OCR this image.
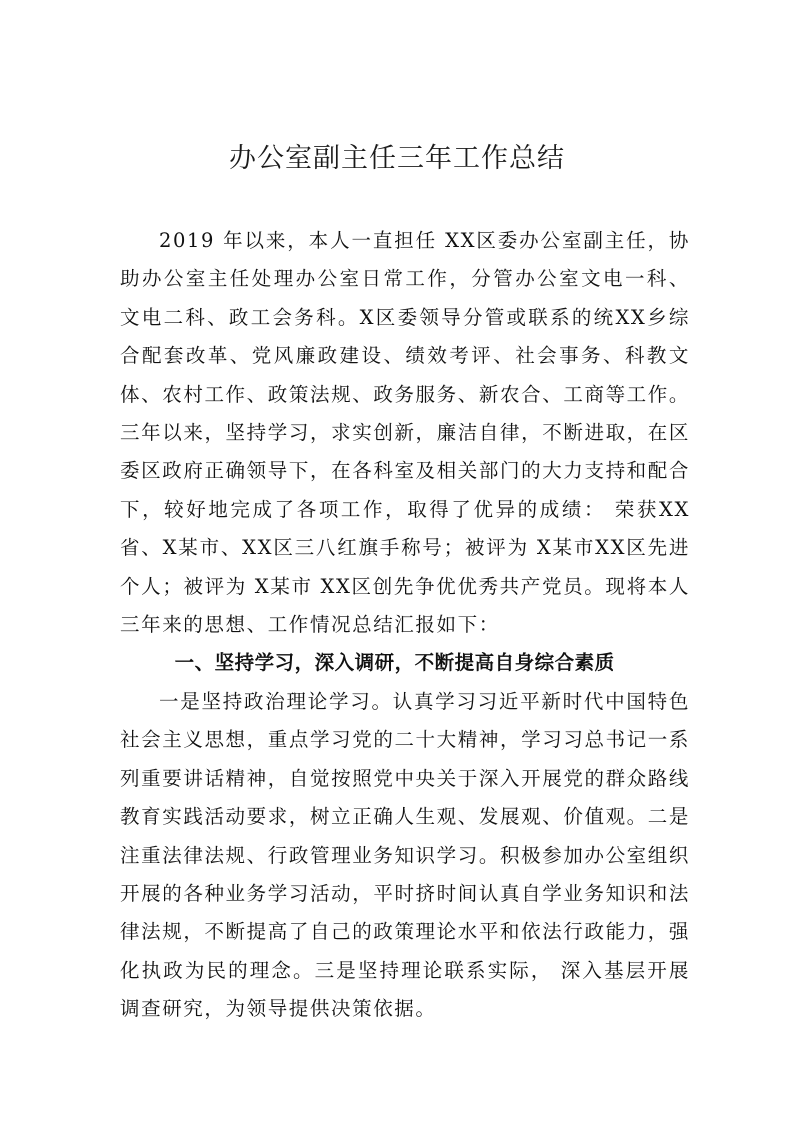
办公室副主任三年工作总结

2019 年以来，本人一直担任 XX区委办公室副主任，协助办公室主任处理办公室日常工作，分管办公室文电一科、 文电二科、政工会务科。X区委领导分管或联系的统XX乡综合配套改革、党风廉政建设、绩效考评、社会事务、科教文体、农村工作、政策法规、政务服务、新农合、工商等工作。三年以来，坚持学习，求实创新，廉洁自律，不断进取，在区委区政府正确领导下，在各科室及相关部门的大力支持和配合下，较好地完成了各项工作，取得了优异的成绩： 荣获XX 省、X某市、XX区三八红旗手称号；被评为 X某市XX区先进个人；被评为 X某市 XX区创先争优优秀共产党员。现将本人三年来的思想、工作情况总结汇报如下：

一、坚持学习，深入调研，不断提高自身综合素质

一是坚持政治理论学习。认真学习习近平新时代中国特色社会主义思想，重点学习党的二十大精神，学习习总书记一系列重要讲话精神，自觉按照党中央关于深入开展党的群众路线教育实践活动要求，树立正确人生观、发展观、价值观。二是注重法律法规、行政管理业务知识学习。积极参加办公室组织开展的各种业务学习活动，平时挤时间认真自学业务知识和法律法规，不断提高了自己的政策理论水平和依法行政能力，强化执政为民的理念。三是坚持理论联系实际， 深入基层开展调查研究，为领导提供决策依据。
